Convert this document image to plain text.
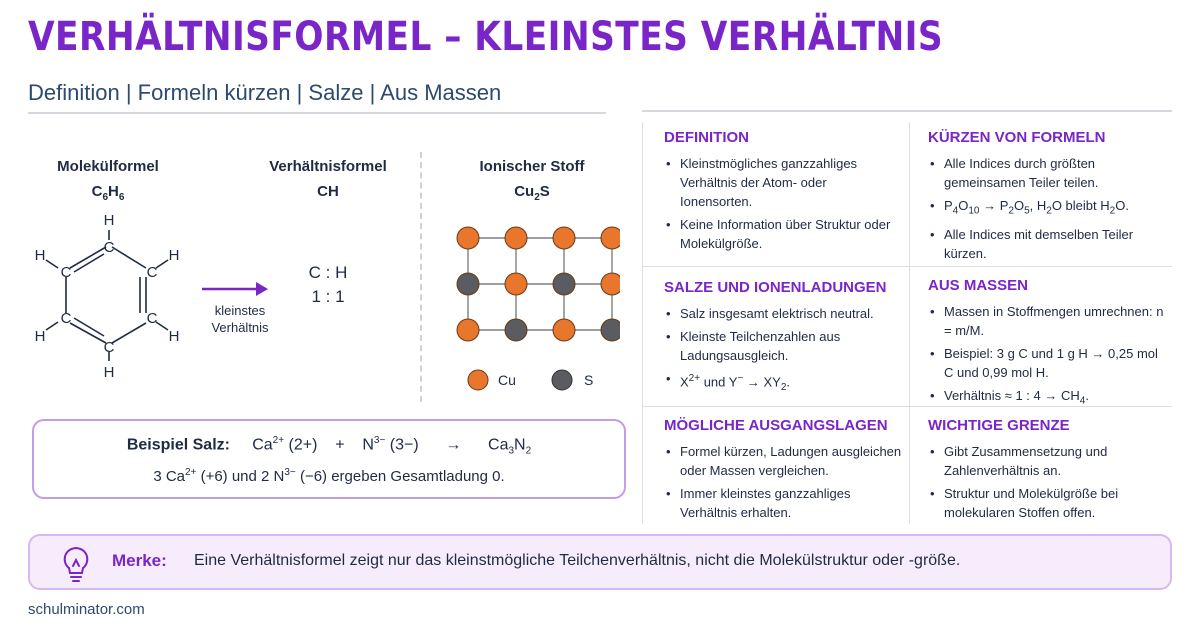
VERHÄLTNISFORMEL – KLEINSTES VERHÄLTNIS
Definition | Formeln kürzen | Salze | Aus Massen
Molekülformel
$C_6H_6$
Verhältnisformel
CH
Ionischer Stoff
$Cu_2S$
C
C	C
C	C
C
H
H	H
H	H
H
kleinstes
Verhältnis
C : H
1 : 1
Cu	S
Beispiel Salz: $Ca^{2+}$ $(2+) + N^{3-}$ $(3-) \to Ca_3N_2$
3 $Ca^{2+}$ (+6) und 2 $N^{3-}$ (−6) ergeben Gesamtladung 0.
DEFINITION
• Kleinstmögliches ganzzahliges Verhältnis der Atom- oder Ionensorten.
• Keine Information über Struktur oder Molekülgröße.
KÜRZEN VON FORMELN
• Alle Indices durch größten gemeinsamen Teiler teilen.
• $P_4O_{10} \to P_2O_5$, $H_2O$ bleibt $H_2O$.
• Alle Indices mit demselben Teiler kürzen.
SALZE UND IONENLADUNGEN
• Salz insgesamt elektrisch neutral.
• Kleinste Teilchenzahlen aus Ladungsausgleich.
• $X^{2+}$ und $Y^- \to XY_2$.
AUS MASSEN
• Massen in Stoffmengen umrechnen: n = m/M.
• Beispiel: 3 g C und 1 g H → 0,25 mol C und 0,99 mol H.
• Verhältnis ≈ 1 : $4 \to CH_4$.
MÖGLICHE AUSGANGSLAGEN
• Formel kürzen, Ladungen ausgleichen oder Massen vergleichen.
• Immer kleinstes ganzzahliges Verhältnis erhalten.
WICHTIGE GRENZE
• Gibt Zusammensetzung und Zahlenverhältnis an.
• Struktur und Molekülgröße bei molekularen Stoffen offen.
Merke: Eine Verhältnisformel zeigt nur das kleinstmögliche Teilchenverhältnis, nicht die Molekülstruktur oder -größe.
schulminator.com
